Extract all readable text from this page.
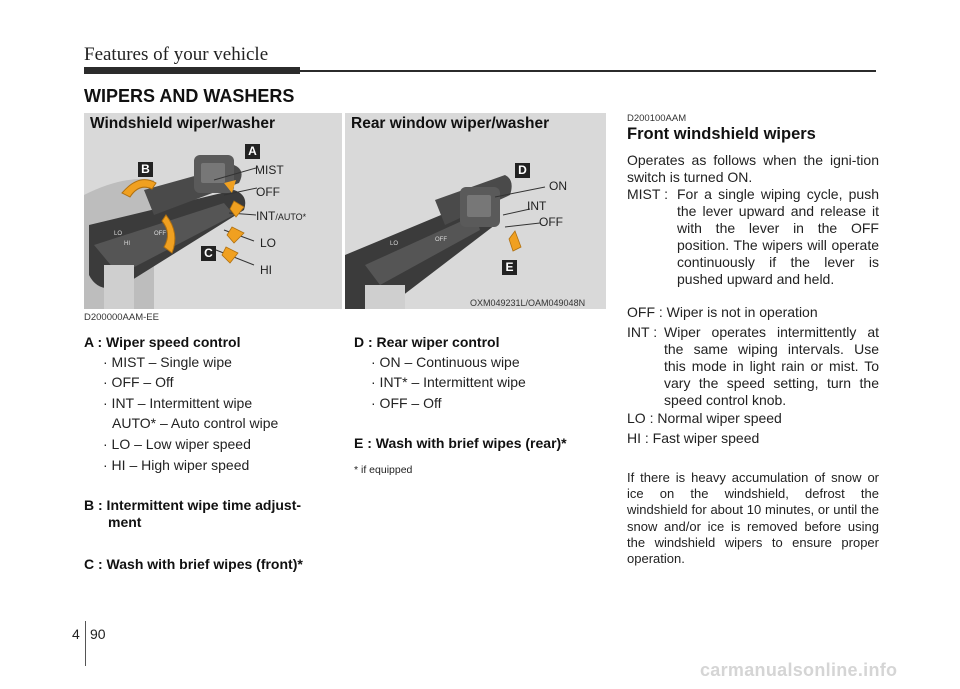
Features of your vehicle
WIPERS AND WASHERS
Windshield wiper/washer	Rear window wiper/washer
LO
HI
OFF
B
A
C
MIST
OFF
INT/AUTO*
LO
HI
LO
OFF
D
E
ON
INT
OFF
D200000AAM-EE
OXM049231L/OAM049048N
A : Wiper speed control
· MIST – Single wipe
· OFF – Off
· INT – Intermittent wipe
AUTO* – Auto control wipe
· LO – Low wiper speed
· HI – High wiper speed
B : Intermittent wipe time adjust-
ment
C : Wash with brief wipes (front)*
D : Rear wiper control
· ON – Continuous wipe
· INT* – Intermittent wipe
· OFF – Off
E : Wash with brief wipes (rear)*
* if equipped
D200100AAM
Front windshield wipers
Operates as follows when the igni-tion switch is turned ON.
MIST : For a single wiping cycle, push the lever upward and release it with the lever in the OFF position. The wipers will operate continuously if the lever is pushed upward and held.
OFF : Wiper is not in operation
INT : Wiper operates intermittently at the same wiping intervals. Use this mode in light rain or mist. To vary the speed setting, turn the speed control knob.
LO : Normal wiper speed
HI : Fast wiper speed
If there is heavy accumulation of snow or ice on the windshield, defrost the windshield for about 10 minutes, or until the snow and/or ice is removed before using the windshield wipers to ensure proper operation.
4 90
carmanualsonline.info
